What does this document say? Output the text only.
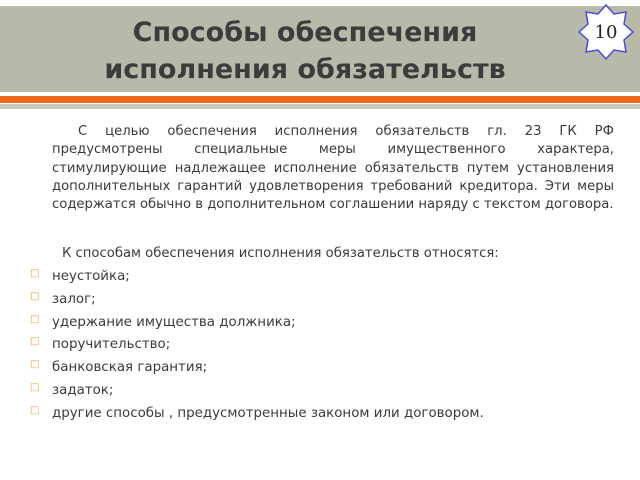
Способы обеспечения исполнения обязательств
10

С целью обеспечения исполнения обязательств гл. 23 ГК РФ предусмотрены специальные меры имущественного характера, стимулирующие надлежащее исполнение обязательств путем установления дополнительных гарантий удовлетворения требований кредитора. Эти меры содержатся обычно в дополнительном соглашении наряду с текстом договора.

К способам обеспечения исполнения обязательств относятся:

□ неустойка;
□ залог;
□ удержание имущества должника;
□ поручительство;
□ банковская гарантия;
□ задаток;
□ другие способы , предусмотренные законом или договором.
